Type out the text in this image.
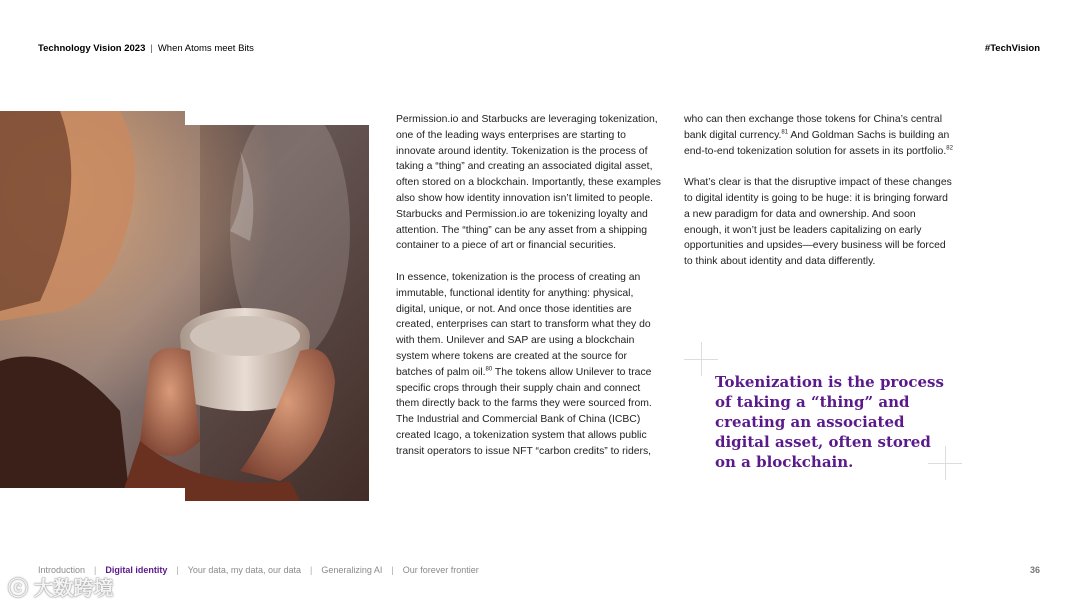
Technology Vision 2023 | When Atoms meet Bits	#TechVision

Permission.io and Starbucks are leveraging tokenization, one of the leading ways enterprises are starting to innovate around identity. Tokenization is the process of taking a “thing” and creating an associated digital asset, often stored on a blockchain. Importantly, these examples also show how identity innovation isn’t limited to people. Starbucks and Permission.io are tokenizing loyalty and attention. The “thing” can be any asset from a shipping container to a piece of art or financial securities.

In essence, tokenization is the process of creating an immutable, functional identity for anything: physical, digital, unique, or not. And once those identities are created, enterprises can start to transform what they do with them. Unilever and SAP are using a blockchain system where tokens are created at the source for batches of palm oil.$^{80}$ The tokens allow Unilever to trace specific crops through their supply chain and connect them directly back to the farms they were sourced from. The Industrial and Commercial Bank of China (ICBC) created Icago, a tokenization system that allows public transit operators to issue NFT “carbon credits” to riders,

who can then exchange those tokens for China’s central bank digital currency.$^{81}$ And Goldman Sachs is building an end-to-end tokenization solution for assets in its portfolio.$^{82}$

What’s clear is that the disruptive impact of these changes to digital identity is going to be huge: it is bringing forward a new paradigm for data and ownership. And soon enough, it won’t just be leaders capitalizing on early opportunities and upsides—every business will be forced to think about identity and data differently.

Tokenization is the process of taking a “thing” and creating an associated digital asset, often stored on a blockchain.
Introduction | Digital identity | Your data, my data, our data | Generalizing AI | Our forever frontier	36
ⓒ 大数跨境
